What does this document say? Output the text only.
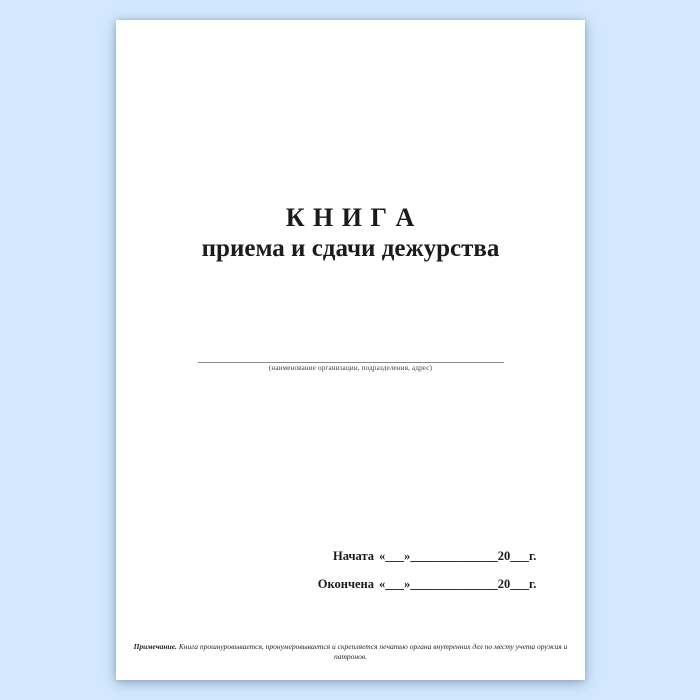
К Н И Г А
приема и сдачи дежурства
(наименование организации, подразделения, адрес)
Начата «___»______________20___г.
Окончена «___»______________20___г.
Примечание. Книга прошнуровывается, пронумеровывается и скрепляется печатью органа внутренних дел по месту учета оружия и патронов.
